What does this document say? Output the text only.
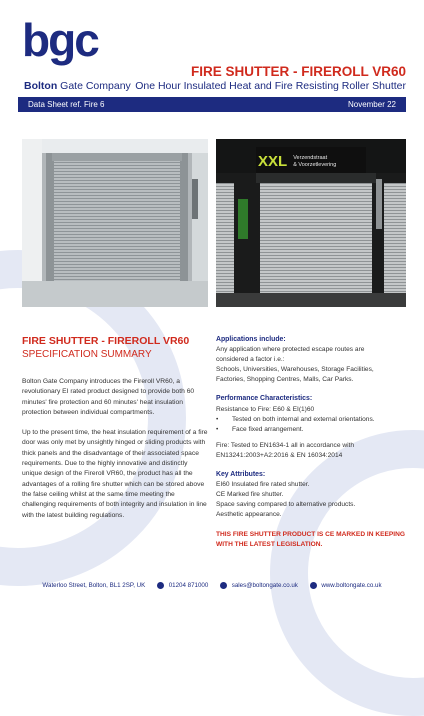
bgc
Bolton Gate Company
FIRE SHUTTER - FIREROLL VR60
One Hour Insulated Heat and Fire Resisting Roller Shutter
Data Sheet ref. Fire 6	November 22
XXL Verzendstraat
& Voorzetlevering
FIRE SHUTTER - FIREROLL VR60
SPECIFICATION SUMMARY

Bolton Gate Company introduces the Fireroll VR60, a revolutionary EI rated product designed to provide both 60 minutes' fire protection and 60 minutes' heat insulation protection between individual compartments.

Up to the present time, the heat insulation requirement of a fire door was only met by unsightly hinged or sliding products with thick panels and the disadvantage of their associated space requirements. Due to the highly innovative and distinctly unique design of the Fireroll VR60, the product has all the advantages of a rolling fire shutter which can be stored above the false ceiling whilst at the same time meeting the challenging requirements of both integrity and insulation in line with the latest building regulations.

Applications include:
Any application where protected escape routes are
considered a factor i.e.:
Schools, Universities, Warehouses, Storage Facilities,
Factories, Shopping Centres, Malls, Car Parks.
Performance Characteristics:
Resistance to Fire: E60 & EI(1)60
•	Tested on both internal and external orientations.
•	Face fixed arrangement.
Fire: Tested to EN1634-1 all in accordance with
EN13241:2003+A2:2016 & EN 16034:2014
Key Attributes:
EI60 Insulated fire rated shutter.
CE Marked fire shutter.
Space saving compared to alternative products.
Aesthetic appearance.
THIS FIRE SHUTTER PRODUCT IS CE MARKED IN KEEPING
WITH THE LATEST LEGISLATION.
Waterloo Street, Bolton, BL1 2SP, UK	01204 871000	sales@boltongate.co.uk	www.boltongate.co.uk
